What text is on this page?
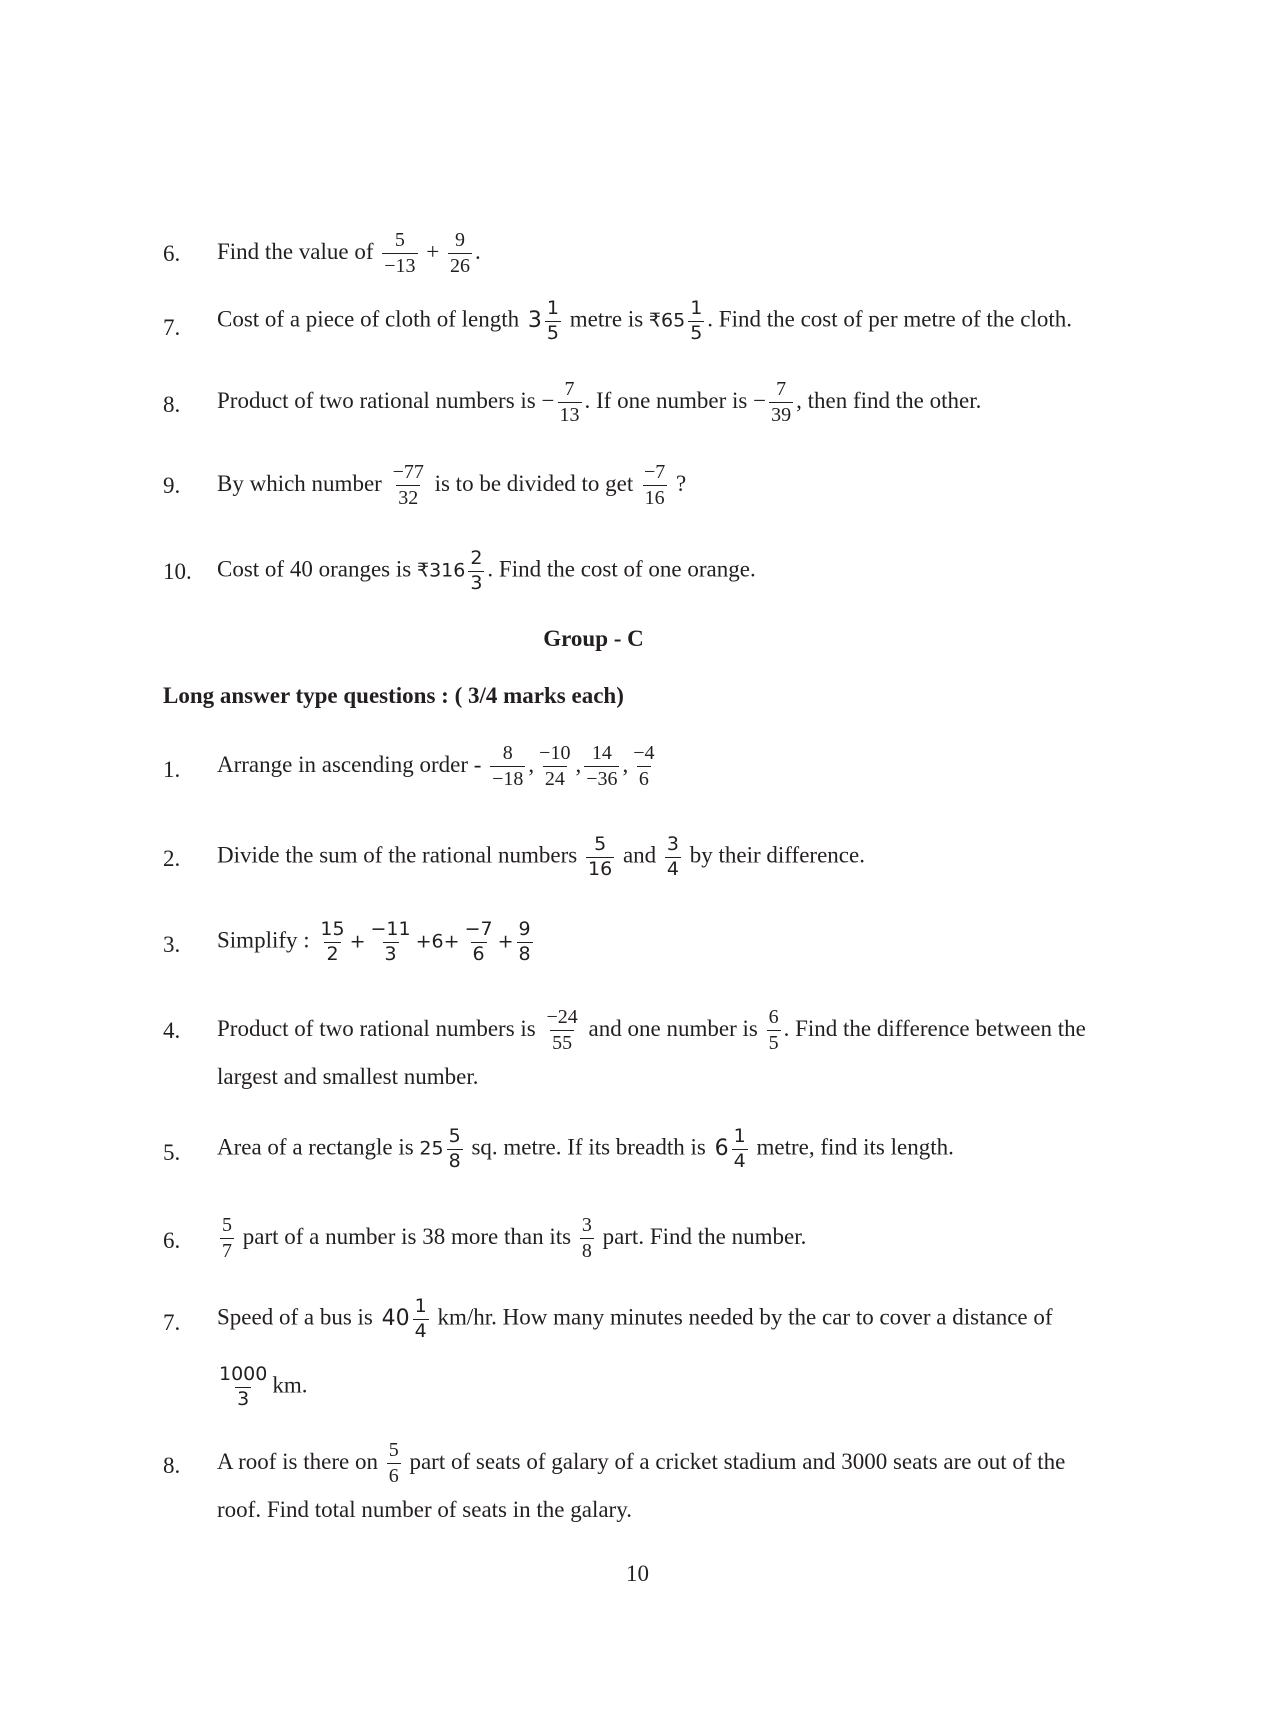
6. Find the value of $\frac{5}{-13} + \frac{9}{26}$ .
7. Cost of a piece of cloth of length $3 \frac{1}{5}$ metre is ₹65 $\frac{1}{5}$ . Find the cost of per metre of the cloth.
8. Product of two rational numbers is − $\frac{7}{13}$ . If one number is − $\frac{7}{39}$ , then find the other.
9. By which number $\frac{-77}{32}$ is to be divided to get $\frac{-7}{16}$ ?
10. Cost of 40 oranges is ₹316 $\frac{2}{3}$ . Find the cost of one orange.
Group - C
Long answer type questions : ( 3/4 marks each)
1. Arrange in ascending order - $\frac{8}{-18}$ , $\frac{-10}{24}$ , $\frac{14}{-36}$ , $\frac{-4}{6}$
2. Divide the sum of the rational numbers $\frac{5}{16}$ and $\frac{3}{4}$ by their difference.
3. Simplify : $\frac{15}{2} + \frac{-11}{3} +6+ \frac{-7}{6} + \frac{9}{8}$
4. Product of two rational numbers is $\frac{-24}{55}$ and one number is $\frac{6}{5}$ . Find the difference between the
largest and smallest number.
5. Area of a rectangle is $25 \frac{5}{8}$ sq. metre. If its breadth is $6 \frac{1}{4}$ metre, find its length.
6. $\frac{5}{7}$ part of a number is 38 more than its $\frac{3}{8}$ part. Find the number.
7. Speed of a bus is $40 \frac{1}{4} km/hr$. How many minutes needed by the car to cover a distance of
$\frac{1000}{3}$ km.
8. A roof is there on $\frac{5}{6}$ part of seats of galary of a cricket stadium and 3000 seats are out of the
roof. Find total number of seats in the galary.
10
